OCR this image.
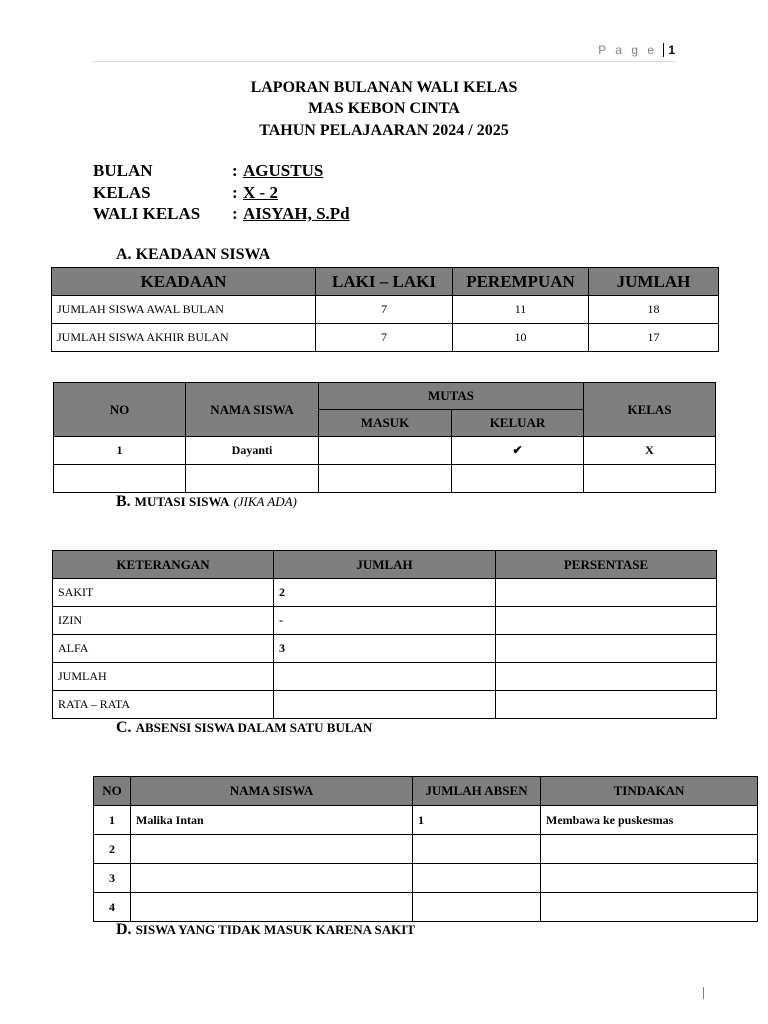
P a g e 1
LAPORAN BULANAN WALI KELAS
MAS KEBON CINTA
TAHUN PELAJAARAN 2024 / 2025
BULAN	: AGUSTUS
KELAS	: X - 2
WALI KELAS : AISYAH, S.Pd
A. KEADAAN SISWA
KEADAAN	LAKI – LAKI	PEREMPUAN	JUMLAH
JUMLAH SISWA AWAL BULAN	7	11	18
JUMLAH SISWA AKHIR BULAN	7	10	17
NO	NAMA SISWA	MUTAS		KELAS
		MASUK	KELUAR	
1	Dayanti		✔	X

B. MUTASI SISWA (JIKA ADA)
KETERANGAN	JUMLAH	PERSENTASE
SAKIT	2	
IZIN	-	
ALFA	3	
JUMLAH		
RATA – RATA		
C. ABSENSI SISWA DALAM SATU BULAN
NO	NAMA SISWA	JUMLAH ABSEN	TINDAKAN
1	Malika Intan	1	Membawa ke puskesmas
2			
3			
4			
D. SISWA YANG TIDAK MASUK KARENA SAKIT
